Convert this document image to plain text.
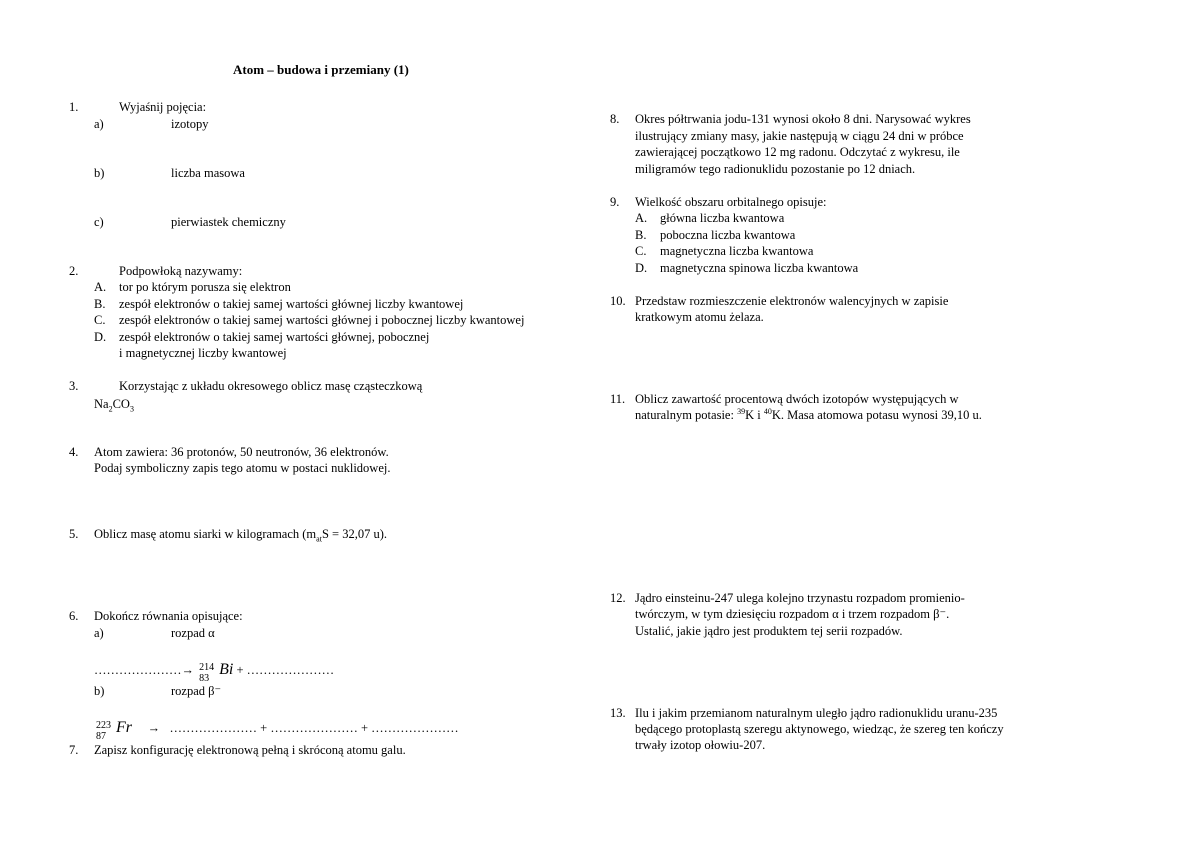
Atom – budowa i przemiany (1)
1.	Wyjaśnij pojęcia:
a)	izotopy
b)	liczba masowa
c)	pierwiastek chemiczny
2.	Podpowłoką nazywamy:
A. tor po którym porusza się elektron
B. zespół elektronów o takiej samej wartości głównej liczby kwantowej
C. zespół elektronów o takiej samej wartości głównej i pobocznej liczby kwantowej
D. zespół elektronów o takiej samej wartości głównej, pobocznej
i magnetycznej liczby kwantowej
3.	Korzystając z układu okresowego oblicz masę cząsteczkową
$Na_2CO_3$
4. Atom zawiera: 36 protonów, 50 neutronów, 36 elektronów.
Podaj symboliczny zapis tego atomu w postaci nuklidowej.
5. Oblicz masę atomu siarki w kilogramach ($m_{at}S = 32,07$ u).
6. Dokończ równania opisujące:
a)	rozpad α
…………………→ 214
83
Bi + …………………
b)	rozpad β⁻
223
87
Fr → ………………… + ………………… + …………………
7. Zapisz konfigurację elektronową pełną i skróconą atomu galu.
8. Okres półtrwania jodu-131 wynosi około 8 dni. Narysować wykres
ilustrujący zmiany masy, jakie następują w ciągu 24 dni w próbce
zawierającej początkowo 12 mg radonu. Odczytać z wykresu, ile
miligramów tego radionuklidu pozostanie po 12 dniach.
9. Wielkość obszaru orbitalnego opisuje:
A. główna liczba kwantowa
B. poboczna liczba kwantowa
C. magnetyczna liczba kwantowa
D. magnetyczna spinowa liczba kwantowa
10. Przedstaw rozmieszczenie elektronów walencyjnych w zapisie
kratkowym atomu żelaza.
11. Oblicz zawartość procentową dwóch izotopów występujących w
naturalnym potasie: $^{39}$K i $^{40}$K. Masa atomowa potasu wynosi 39,10 u.
12. Jądro einsteinu-247 ulega kolejno trzynastu rozpadom promienio-
twórczym, w tym dziesięciu rozpadom α i trzem rozpadom β⁻.
Ustalić, jakie jądro jest produktem tej serii rozpadów.
13. Ilu i jakim przemianom naturalnym uległo jądro radionuklidu uranu-235
będącego protoplastą szeregu aktynowego, wiedząc, że szereg ten kończy
trwały izotop ołowiu-207.
